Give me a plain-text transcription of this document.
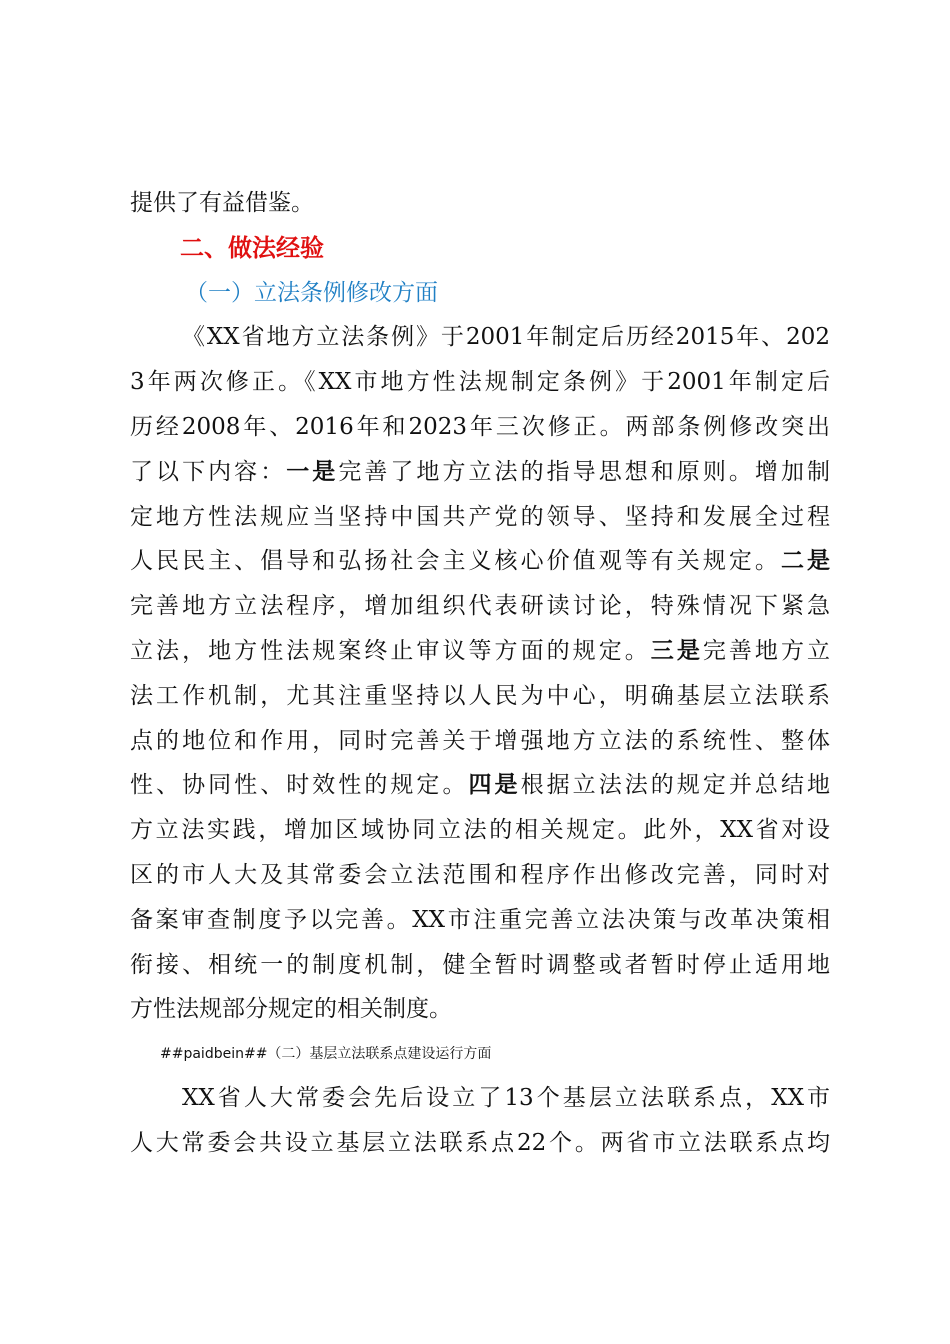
提供了有益借鉴。
二、做法经验
（一）立法条例修改方面
《XX省地方立法条例》于2001年制定后历经2015年、202
3年两次修正。《XX市地方性法规制定条例》于2001年制定后
历经2008年、2016年和2023年三次修正。两部条例修改突出
了以下内容：一是完善了地方立法的指导思想和原则。增加制
定地方性法规应当坚持中国共产党的领导、坚持和发展全过程
人民民主、倡导和弘扬社会主义核心价值观等有关规定。二是
完善地方立法程序，增加组织代表研读讨论，特殊情况下紧急
立法，地方性法规案终止审议等方面的规定。三是完善地方立
法工作机制，尤其注重坚持以人民为中心，明确基层立法联系
点的地位和作用，同时完善关于增强地方立法的系统性、整体
性、协同性、时效性的规定。四是根据立法法的规定并总结地
方立法实践，增加区域协同立法的相关规定。此外，XX省对设
区的市人大及其常委会立法范围和程序作出修改完善，同时对
备案审查制度予以完善。XX市注重完善立法决策与改革决策相
衔接、相统一的制度机制，健全暂时调整或者暂时停止适用地
方性法规部分规定的相关制度。
##paidbein##（二）基层立法联系点建设运行方面
XX省人大常委会先后设立了13个基层立法联系点，XX市
人大常委会共设立基层立法联系点22个。两省市立法联系点均
